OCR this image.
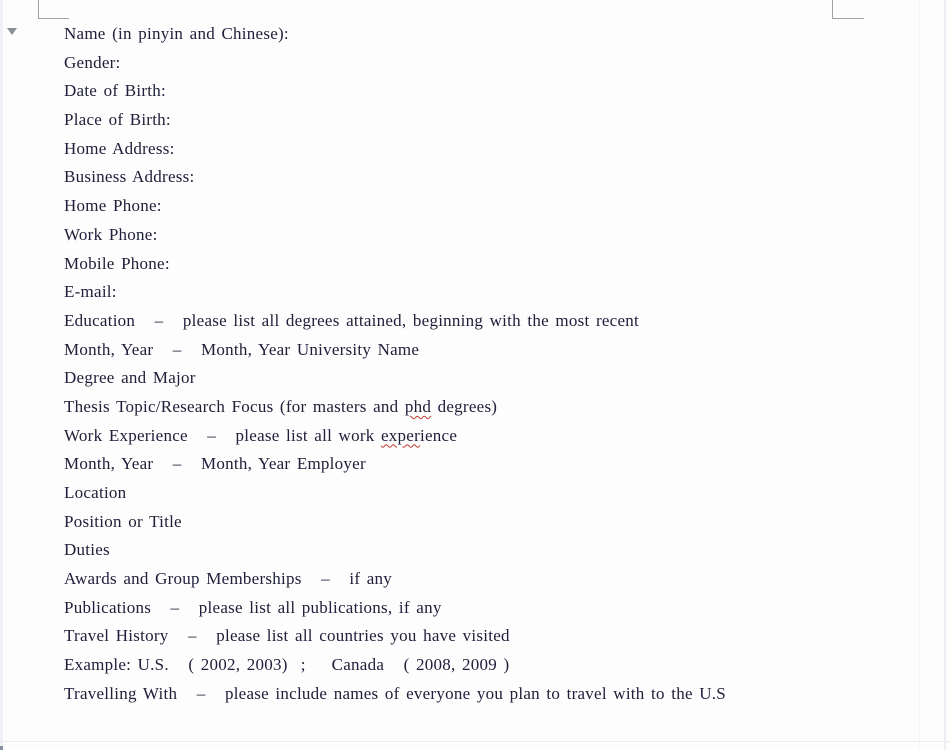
Name (in pinyin and Chinese):
Gender:
Date of Birth:
Place of Birth:
Home Address:
Business Address:
Home Phone:
Work Phone:
Mobile Phone:
E-mail:
Education   –   please list all degrees attained, beginning with the most recent
Month, Year   –   Month, Year University Name
Degree and Major
Thesis Topic/Research Focus (for masters and phd degrees)
Work Experience   –   please list all work experience
Month, Year   –   Month, Year Employer
Location
Position or Title
Duties
Awards and Group Memberships   –   if any
Publications   –   please list all publications, if any
Travel History   –   please list all countries you have visited
Example: U.S.   ( 2002, 2003)  ;    Canada   ( 2008, 2009 )
Travelling With   –   please include names of everyone you plan to travel with to the U.S
